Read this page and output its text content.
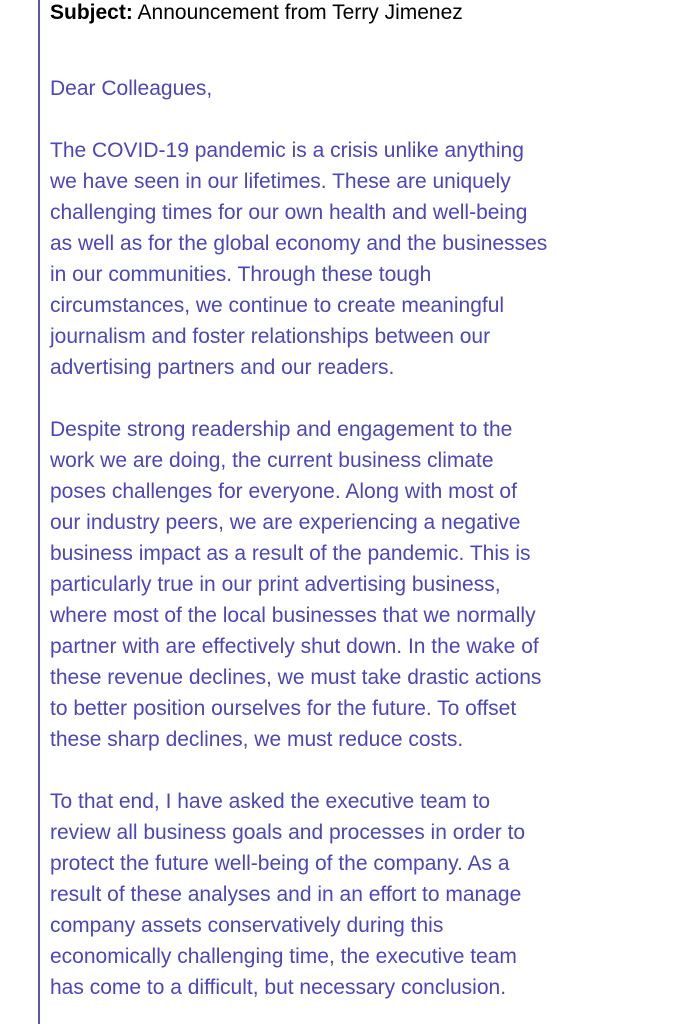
Subject: Announcement from Terry Jimenez

Dear Colleagues,

The COVID-19 pandemic is a crisis unlike anything
we have seen in our lifetimes. These are uniquely
challenging times for our own health and well-being
as well as for the global economy and the businesses
in our communities. Through these tough
circumstances, we continue to create meaningful
journalism and foster relationships between our
advertising partners and our readers.

Despite strong readership and engagement to the
work we are doing, the current business climate
poses challenges for everyone. Along with most of
our industry peers, we are experiencing a negative
business impact as a result of the pandemic. This is
particularly true in our print advertising business,
where most of the local businesses that we normally
partner with are effectively shut down. In the wake of
these revenue declines, we must take drastic actions
to better position ourselves for the future. To offset
these sharp declines, we must reduce costs.

To that end, I have asked the executive team to
review all business goals and processes in order to
protect the future well-being of the company. As a
result of these analyses and in an effort to manage
company assets conservatively during this
economically challenging time, the executive team
has come to a difficult, but necessary conclusion.
